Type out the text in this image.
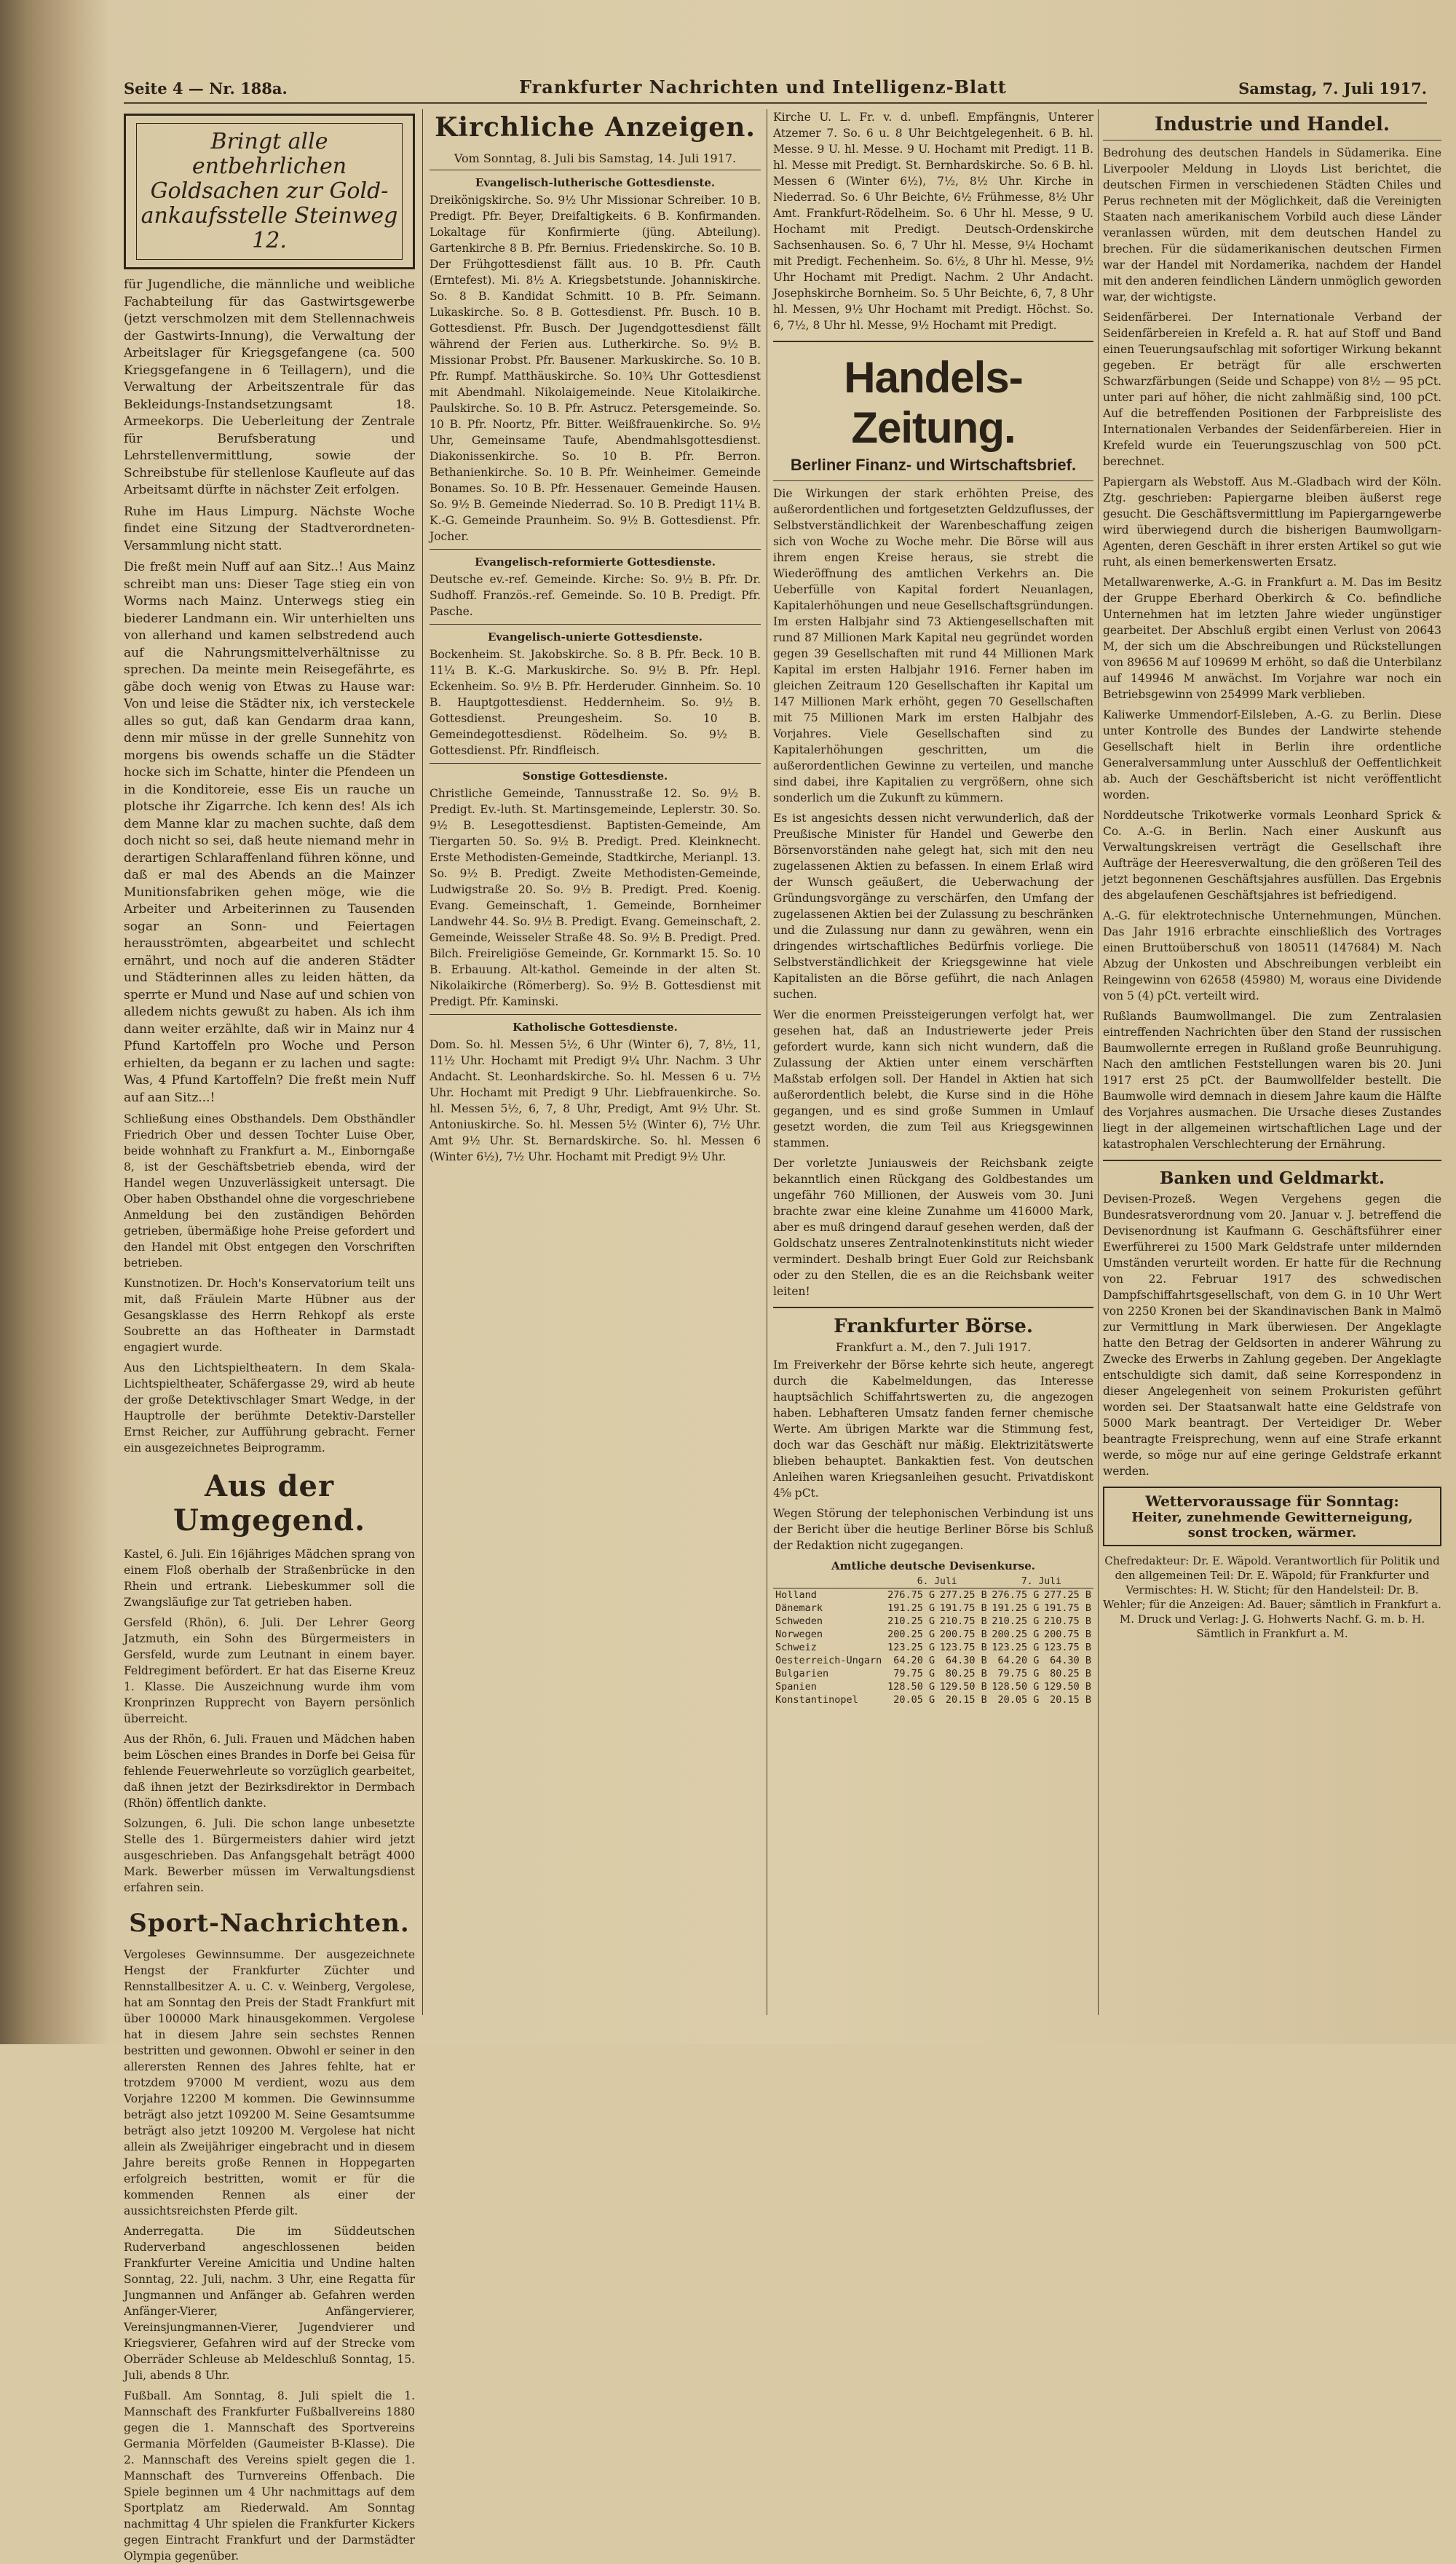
Seite 4 — Nr. 188a.	Frankfurter Nachrichten und Intelligenz-Blatt	Samstag, 7. Juli 1917.
Bringt alle entbehrlichen Goldsachen zur Gold-ankaufsstelle Steinweg 12.

für Jugendliche, die männliche und weibliche Fachabteilung für das Gastwirtsgewerbe (jetzt verschmolzen mit dem Stellennachweis der Gastwirts-Innung), die Verwaltung der Arbeitslager für Kriegsgefangene (ca. 500 Kriegsgefangene in 6 Teillagern), und die Verwaltung der Arbeitszentrale für das Bekleidungs-Instandsetzungsamt 18. Armeekorps. Die Ueberleitung der Zentrale für Berufsberatung und Lehrstellenvermittlung, sowie der Schreibstube für stellenlose Kaufleute auf das Arbeitsamt dürfte in nächster Zeit erfolgen.

Ruhe im Haus Limpurg. Nächste Woche findet eine Sitzung der Stadtverordneten-Versammlung nicht statt.

Die freßt mein Nuff auf aan Sitz..! Aus Mainz schreibt man uns: Dieser Tage stieg ein von Worms nach Mainz. Unterwegs stieg ein biederer Landmann ein. Wir unterhielten uns von allerhand und kamen selbstredend auch auf die Nahrungsmittelverhältnisse zu sprechen. Da meinte mein Reisegefährte, es gäbe doch wenig von Etwas zu Hause war: Von und leise die Städter nix, ich versteckele alles so gut, daß kan Gendarm draa kann, denn mir müsse in der grelle Sunnehitz von morgens bis owends schaffe un die Städter hocke sich im Schatte, hinter die Pfendeen un in die Konditoreie, esse Eis un rauche un plotsche ihr Zigarrche. Ich kenn des! Als ich dem Manne klar zu machen suchte, daß dem doch nicht so sei, daß heute niemand mehr in derartigen Schlaraffenland führen könne, und daß er mal des Abends an die Mainzer Munitionsfabriken gehen möge, wie die Arbeiter und Arbeiterinnen zu Tausenden sogar an Sonn- und Feiertagen herausströmten, abgearbeitet und schlecht ernährt, und noch auf die anderen Städter und Städterinnen alles zu leiden hätten, da sperrte er Mund und Nase auf und schien von alledem nichts gewußt zu haben. Als ich ihm dann weiter erzählte, daß wir in Mainz nur 4 Pfund Kartoffeln pro Woche und Person erhielten, da begann er zu lachen und sagte: Was, 4 Pfund Kartoffeln? Die freßt mein Nuff auf aan Sitz...!

Schließung eines Obsthandels. Dem Obsthändler Friedrich Ober und dessen Tochter Luise Ober, beide wohnhaft zu Frankfurt a. M., Einborngaße 8, ist der Geschäftsbetrieb ebenda, wird der Handel wegen Unzuverlässigkeit untersagt. Die Ober haben Obsthandel ohne die vorgeschriebene Anmeldung bei den zuständigen Behörden getrieben, übermäßige hohe Preise gefordert und den Handel mit Obst entgegen den Vorschriften betrieben.

Kunstnotizen. Dr. Hoch's Konservatorium teilt uns mit, daß Fräulein Marte Hübner aus der Gesangsklasse des Herrn Rehkopf als erste Soubrette an das Hoftheater in Darmstadt engagiert wurde.

Aus den Lichtspieltheatern. In dem Skala-Lichtspieltheater, Schäfergasse 29, wird ab heute der große Detektivschlager Smart Wedge, in der Hauptrolle der berühmte Detektiv-Darsteller Ernst Reicher, zur Aufführung gebracht. Ferner ein ausgezeichnetes Beiprogramm.

Aus der Umgegend.

Kastel, 6. Juli. Ein 16jähriges Mädchen sprang von einem Floß oberhalb der Straßenbrücke in den Rhein und ertrank. Liebeskummer soll die Zwangsläufige zur Tat getrieben haben.

Gersfeld (Rhön), 6. Juli. Der Lehrer Georg Jatzmuth, ein Sohn des Bürgermeisters in Gersfeld, wurde zum Leutnant in einem bayer. Feldregiment befördert. Er hat das Eiserne Kreuz 1. Klasse. Die Auszeichnung wurde ihm vom Kronprinzen Rupprecht von Bayern persönlich überreicht.

Aus der Rhön, 6. Juli. Frauen und Mädchen haben beim Löschen eines Brandes in Dorfe bei Geisa für fehlende Feuerwehrleute so vorzüglich gearbeitet, daß ihnen jetzt der Bezirksdirektor in Dermbach (Rhön) öffentlich dankte.

Solzungen, 6. Juli. Die schon lange unbesetzte Stelle des 1. Bürgermeisters dahier wird jetzt ausgeschrieben. Das Anfangsgehalt beträgt 4000 Mark. Bewerber müssen im Verwaltungsdienst erfahren sein.

Sport-Nachrichten.

Vergoleses Gewinnsumme. Der ausgezeichnete Hengst der Frankfurter Züchter und Rennstallbesitzer A. u. C. v. Weinberg, Vergolese, hat am Sonntag den Preis der Stadt Frankfurt mit über 100000 Mark hinausgekommen. Vergolese hat in diesem Jahre sein sechstes Rennen bestritten und gewonnen. Obwohl er seiner in den allerersten Rennen des Jahres fehlte, hat er trotzdem 97000 M verdient, wozu aus dem Vorjahre 12200 M kommen. Die Gewinnsumme beträgt also jetzt 109200 M. Seine Gesamtsumme beträgt also jetzt 109200 M. Vergolese hat nicht allein als Zweijähriger eingebracht und in diesem Jahre bereits große Rennen in Hoppegarten erfolgreich bestritten, womit er für die kommenden Rennen als einer der aussichtsreichsten Pferde gilt.

Anderregatta. Die im Süddeutschen Ruderverband angeschlossenen beiden Frankfurter Vereine Amicitia und Undine halten Sonntag, 22. Juli, nachm. 3 Uhr, eine Regatta für Jungmannen und Anfänger ab. Gefahren werden Anfänger-Vierer, Anfängervierer, Vereinsjungmannen-Vierer, Jugendvierer und Kriegsvierer, Gefahren wird auf der Strecke vom Oberräder Schleuse ab Meldeschluß Sonntag, 15. Juli, abends 8 Uhr.

Fußball. Am Sonntag, 8. Juli spielt die 1. Mannschaft des Frankfurter Fußballvereins 1880 gegen die 1. Mannschaft des Sportvereins Germania Mörfelden (Gaumeister B-Klasse). Die 2. Mannschaft des Vereins spielt gegen die 1. Mannschaft des Turnvereins Offenbach. Die Spiele beginnen um 4 Uhr nachmittags auf dem Sportplatz am Riederwald. Am Sonntag nachmittag 4 Uhr spielen die Frankfurter Kickers gegen Eintracht Frankfurt und der Darmstädter Olympia gegenüber.

Kirchliche Anzeigen.
Vom Sonntag, 8. Juli bis Samstag, 14. Juli 1917.
Evangelisch-lutherische Gottesdienste.

Dreikönigskirche. So. 9½ Uhr Missionar Schreiber. 10 B. Predigt. Pfr. Beyer, Dreifaltigkeits. 6 B. Konfirmanden. Lokaltage für Konfirmierte (jüng. Abteilung). Gartenkirche 8 B. Pfr. Bernius. Friedenskirche. So. 10 B. Der Frühgottesdienst fällt aus. 10 B. Pfr. Cauth (Erntefest). Mi. 8½ A. Kriegsbetstunde. Johanniskirche. So. 8 B. Kandidat Schmitt. 10 B. Pfr. Seimann. Lukaskirche. So. 8 B. Gottesdienst. Pfr. Busch. 10 B. Gottesdienst. Pfr. Busch. Der Jugendgottesdienst fällt während der Ferien aus. Lutherkirche. So. 9½ B. Missionar Probst. Pfr. Bausener. Markuskirche. So. 10 B. Pfr. Rumpf. Matthäuskirche. So. 10¾ Uhr Gottesdienst mit Abendmahl. Nikolaigemeinde. Neue Kitolaikirche. Paulskirche. So. 10 B. Pfr. Astrucz. Petersgemeinde. So. 10 B. Pfr. Noortz, Pfr. Bitter. Weißfrauenkirche. So. 9½ Uhr, Gemeinsame Taufe, Abendmahlsgottesdienst. Diakonissenkirche. So. 10 B. Pfr. Berron. Bethanienkirche. So. 10 B. Pfr. Weinheimer. Gemeinde Bonames. So. 10 B. Pfr. Hessenauer. Gemeinde Hausen. So. 9½ B. Gemeinde Niederrad. So. 10 B. Predigt 11¼ B. K.-G. Gemeinde Praunheim. So. 9½ B. Gottesdienst. Pfr. Jocher.

Evangelisch-reformierte Gottesdienste.

Deutsche ev.-ref. Gemeinde. Kirche: So. 9½ B. Pfr. Dr. Sudhoff. Französ.-ref. Gemeinde. So. 10 B. Predigt. Pfr. Pasche.

Evangelisch-unierte Gottesdienste.

Bockenheim. St. Jakobskirche. So. 8 B. Pfr. Beck. 10 B. 11¼ B. K.-G. Markuskirche. So. 9½ B. Pfr. Hepl. Eckenheim. So. 9½ B. Pfr. Herderuder. Ginnheim. So. 10 B. Hauptgottesdienst. Heddernheim. So. 9½ B. Gottesdienst. Preungesheim. So. 10 B. Gemeindegottesdienst. Rödelheim. So. 9½ B. Gottesdienst. Pfr. Rindfleisch.

Sonstige Gottesdienste.

Christliche Gemeinde, Tannusstraße 12. So. 9½ B. Predigt. Ev.-luth. St. Martinsgemeinde, Leplerstr. 30. So. 9½ B. Lesegottesdienst. Baptisten-Gemeinde, Am Tiergarten 50. So. 9½ B. Predigt. Pred. Kleinknecht. Erste Methodisten-Gemeinde, Stadtkirche, Merianpl. 13. So. 9½ B. Predigt. Zweite Methodisten-Gemeinde, Ludwigstraße 20. So. 9½ B. Predigt. Pred. Koenig. Evang. Gemeinschaft, 1. Gemeinde, Bornheimer Landwehr 44. So. 9½ B. Predigt. Evang. Gemeinschaft, 2. Gemeinde, Weisseler Straße 48. So. 9½ B. Predigt. Pred. Bilch. Freireligiöse Gemeinde, Gr. Kornmarkt 15. So. 10 B. Erbauung. Alt-kathol. Gemeinde in der alten St. Nikolaikirche (Römerberg). So. 9½ B. Gottesdienst mit Predigt. Pfr. Kaminski.

Katholische Gottesdienste.

Dom. So. hl. Messen 5½, 6 Uhr (Winter 6), 7, 8½, 11, 11½ Uhr. Hochamt mit Predigt 9¼ Uhr. Nachm. 3 Uhr Andacht. St. Leonhardskirche. So. hl. Messen 6 u. 7½ Uhr. Hochamt mit Predigt 9 Uhr. Liebfrauenkirche. So. hl. Messen 5½, 6, 7, 8 Uhr, Predigt, Amt 9½ Uhr. St. Antoniuskirche. So. hl. Messen 5½ (Winter 6), 7½ Uhr. Amt 9½ Uhr. St. Bernardskirche. So. hl. Messen 6 (Winter 6½), 7½ Uhr. Hochamt mit Predigt 9½ Uhr.

Kirche U. L. Fr. v. d. unbefl. Empfängnis, Unterer Atzemer 7. So. 6 u. 8 Uhr Beichtgelegenheit. 6 B. hl. Messe. 9 U. hl. Messe. 9 U. Hochamt mit Predigt. 11 B. hl. Messe mit Predigt. St. Bernhardskirche. So. 6 B. hl. Messen 6 (Winter 6½), 7½, 8½ Uhr. Kirche in Niederrad. So. 6 Uhr Beichte, 6½ Frühmesse, 8½ Uhr Amt. Frankfurt-Rödelheim. So. 6 Uhr hl. Messe, 9 U. Hochamt mit Predigt. Deutsch-Ordenskirche Sachsenhausen. So. 6, 7 Uhr hl. Messe, 9¼ Hochamt mit Predigt. Fechenheim. So. 6½, 8 Uhr hl. Messe, 9½ Uhr Hochamt mit Predigt. Nachm. 2 Uhr Andacht. Josephskirche Bornheim. So. 5 Uhr Beichte, 6, 7, 8 Uhr hl. Messen, 9½ Uhr Hochamt mit Predigt. Höchst. So. 6, 7½, 8 Uhr hl. Messe, 9½ Hochamt mit Predigt.

Handels-Zeitung.
Berliner Finanz- und Wirtschaftsbrief.

Die Wirkungen der stark erhöhten Preise, des außerordentlichen und fortgesetzten Geldzuflusses, der Selbstverständlichkeit der Warenbeschaffung zeigen sich von Woche zu Woche mehr. Die Börse will aus ihrem engen Kreise heraus, sie strebt die Wiederöffnung des amtlichen Verkehrs an. Die Ueberfülle von Kapital fordert Neuanlagen, Kapitalerhöhungen und neue Gesellschaftsgründungen. Im ersten Halbjahr sind 73 Aktiengesellschaften mit rund 87 Millionen Mark Kapital neu gegründet worden gegen 39 Gesellschaften mit rund 44 Millionen Mark Kapital im ersten Halbjahr 1916. Ferner haben im gleichen Zeitraum 120 Gesellschaften ihr Kapital um 147 Millionen Mark erhöht, gegen 70 Gesellschaften mit 75 Millionen Mark im ersten Halbjahr des Vorjahres. Viele Gesellschaften sind zu Kapitalerhöhungen geschritten, um die außerordentlichen Gewinne zu verteilen, und manche sind dabei, ihre Kapitalien zu vergrößern, ohne sich sonderlich um die Zukunft zu kümmern.

Es ist angesichts dessen nicht verwunderlich, daß der Preußische Minister für Handel und Gewerbe den Börsenvorständen nahe gelegt hat, sich mit den neu zugelassenen Aktien zu befassen. In einem Erlaß wird der Wunsch geäußert, die Ueberwachung der Gründungsvorgänge zu verschärfen, den Umfang der zugelassenen Aktien bei der Zulassung zu beschränken und die Zulassung nur dann zu gewähren, wenn ein dringendes wirtschaftliches Bedürfnis vorliege. Die Selbstverständlichkeit der Kriegsgewinne hat viele Kapitalisten an die Börse geführt, die nach Anlagen suchen.

Wer die enormen Preissteigerungen verfolgt hat, wer gesehen hat, daß an Industriewerte jeder Preis gefordert wurde, kann sich nicht wundern, daß die Zulassung der Aktien unter einem verschärften Maßstab erfolgen soll. Der Handel in Aktien hat sich außerordentlich belebt, die Kurse sind in die Höhe gegangen, und es sind große Summen in Umlauf gesetzt worden, die zum Teil aus Kriegsgewinnen stammen.

Der vorletzte Juniausweis der Reichsbank zeigte bekanntlich einen Rückgang des Goldbestandes um ungefähr 760 Millionen, der Ausweis vom 30. Juni brachte zwar eine kleine Zunahme um 416000 Mark, aber es muß dringend darauf gesehen werden, daß der Goldschatz unseres Zentralnotenkinstituts nicht wieder vermindert. Deshalb bringt Euer Gold zur Reichsbank oder zu den Stellen, die es an die Reichsbank weiter leiten!

Frankfurter Börse.
Frankfurt a. M., den 7. Juli 1917.

Im Freiverkehr der Börse kehrte sich heute, angeregt durch die Kabelmeldungen, das Interesse hauptsächlich Schiffahrtswerten zu, die angezogen haben. Lebhafteren Umsatz fanden ferner chemische Werte. Am übrigen Markte war die Stimmung fest, doch war das Geschäft nur mäßig. Elektrizitätswerte blieben behauptet. Bankaktien fest. Von deutschen Anleihen waren Kriegsanleihen gesucht. Privatdiskont 4⅝ pCt.

Wegen Störung der telephonischen Verbindung ist uns der Bericht über die heutige Berliner Börse bis Schluß der Redaktion nicht zugegangen.

Amtliche deutsche Devisenkurse.
	6. Juli		7. Juli	
Holland	276.75 G	277.25 B	276.75 G	277.25 B
Dänemark	191.25 G	191.75 B	191.25 G	191.75 B
Schweden	210.25 G	210.75 B	210.25 G	210.75 B
Norwegen	200.25 G	200.75 B	200.25 G	200.75 B
Schweiz	123.25 G	123.75 B	123.25 G	123.75 B
Oesterreich-Ungarn	64.20 G	64.30 B	64.20 G	64.30 B
Bulgarien	79.75 G	80.25 B	79.75 G	80.25 B
Spanien	128.50 G	129.50 B	128.50 G	129.50 B
Konstantinopel	20.05 G	20.15 B	20.05 G	20.15 B
Industrie und Handel.

Bedrohung des deutschen Handels in Südamerika. Eine Liverpooler Meldung in Lloyds List berichtet, die deutschen Firmen in verschiedenen Städten Chiles und Perus rechneten mit der Möglichkeit, daß die Vereinigten Staaten nach amerikanischem Vorbild auch diese Länder veranlassen würden, mit dem deutschen Handel zu brechen. Für die südamerikanischen deutschen Firmen war der Handel mit Nordamerika, nachdem der Handel mit den anderen feindlichen Ländern unmöglich geworden war, der wichtigste.

Seidenfärberei. Der Internationale Verband der Seidenfärbereien in Krefeld a. R. hat auf Stoff und Band einen Teuerungsaufschlag mit sofortiger Wirkung bekannt gegeben. Er beträgt für alle erschwerten Schwarzfärbungen (Seide und Schappe) von 8½ — 95 pCt. unter pari auf höher, die nicht zahlmäßig sind, 100 pCt. Auf die betreffenden Positionen der Farbpreisliste des Internationalen Verbandes der Seidenfärbereien. Hier in Krefeld wurde ein Teuerungszuschlag von 500 pCt. berechnet.

Papiergarn als Webstoff. Aus M.-Gladbach wird der Köln. Ztg. geschrieben: Papiergarne bleiben äußerst rege gesucht. Die Geschäftsvermittlung im Papiergarngewerbe wird überwiegend durch die bisherigen Baumwollgarn-Agenten, deren Geschäft in ihrer ersten Artikel so gut wie ruht, als einen bemerkenswerten Ersatz.

Metallwarenwerke, A.-G. in Frankfurt a. M. Das im Besitz der Gruppe Eberhard Oberkirch & Co. befindliche Unternehmen hat im letzten Jahre wieder ungünstiger gearbeitet. Der Abschluß ergibt einen Verlust von 20643 M, der sich um die Abschreibungen und Rückstellungen von 89656 M auf 109699 M erhöht, so daß die Unterbilanz auf 149946 M anwächst. Im Vorjahre war noch ein Betriebsgewinn von 254999 Mark verblieben.

Kaliwerke Ummendorf-Eilsleben, A.-G. zu Berlin. Diese unter Kontrolle des Bundes der Landwirte stehende Gesellschaft hielt in Berlin ihre ordentliche Generalversammlung unter Ausschluß der Oeffentlichkeit ab. Auch der Geschäftsbericht ist nicht veröffentlicht worden.

Norddeutsche Trikotwerke vormals Leonhard Sprick & Co. A.-G. in Berlin. Nach einer Auskunft aus Verwaltungskreisen verträgt die Gesellschaft ihre Aufträge der Heeresverwaltung, die den größeren Teil des jetzt begonnenen Geschäftsjahres ausfüllen. Das Ergebnis des abgelaufenen Geschäftsjahres ist befriedigend.

A.-G. für elektrotechnische Unternehmungen, München. Das Jahr 1916 erbrachte einschließlich des Vortrages einen Bruttoüberschuß von 180511 (147684) M. Nach Abzug der Unkosten und Abschreibungen verbleibt ein Reingewinn von 62658 (45980) M, woraus eine Dividende von 5 (4) pCt. verteilt wird.

Rußlands Baumwollmangel. Die zum Zentralasien eintreffenden Nachrichten über den Stand der russischen Baumwollernte erregen in Rußland große Beunruhigung. Nach den amtlichen Feststellungen waren bis 20. Juni 1917 erst 25 pCt. der Baumwollfelder bestellt. Die Baumwolle wird demnach in diesem Jahre kaum die Hälfte des Vorjahres ausmachen. Die Ursache dieses Zustandes liegt in der allgemeinen wirtschaftlichen Lage und der katastrophalen Verschlechterung der Ernährung.

Banken und Geldmarkt.

Devisen-Prozeß. Wegen Vergehens gegen die Bundesratsverordnung vom 20. Januar v. J. betreffend die Devisenordnung ist Kaufmann G. Geschäftsführer einer Ewerführerei zu 1500 Mark Geldstrafe unter mildernden Umständen verurteilt worden. Er hatte für die Rechnung von 22. Februar 1917 des schwedischen Dampfschiffahrtsgesellschaft, von dem G. in 10 Uhr Wert von 2250 Kronen bei der Skandinavischen Bank in Malmö zur Vermittlung in Mark überwiesen. Der Angeklagte hatte den Betrag der Geldsorten in anderer Währung zu Zwecke des Erwerbs in Zahlung gegeben. Der Angeklagte entschuldigte sich damit, daß seine Korrespondenz in dieser Angelegenheit von seinem Prokuristen geführt worden sei. Der Staatsanwalt hatte eine Geldstrafe von 5000 Mark beantragt. Der Verteidiger Dr. Weber beantragte Freisprechung, wenn auf eine Strafe erkannt werde, so möge nur auf eine geringe Geldstrafe erkannt werden.

Wettervoraussage für Sonntag:
Heiter, zunehmende Gewitterneigung, sonst trocken, wärmer.
Chefredakteur: Dr. E. Wäpold. Verantwortlich für Politik und den allgemeinen Teil: Dr. E. Wäpold; für Frankfurter und Vermischtes: H. W. Sticht; für den Handelsteil: Dr. B. Wehler; für die Anzeigen: Ad. Bauer; sämtlich in Frankfurt a. M. Druck und Verlag: J. G. Hohwerts Nachf. G. m. b. H. Sämtlich in Frankfurt a. M.
